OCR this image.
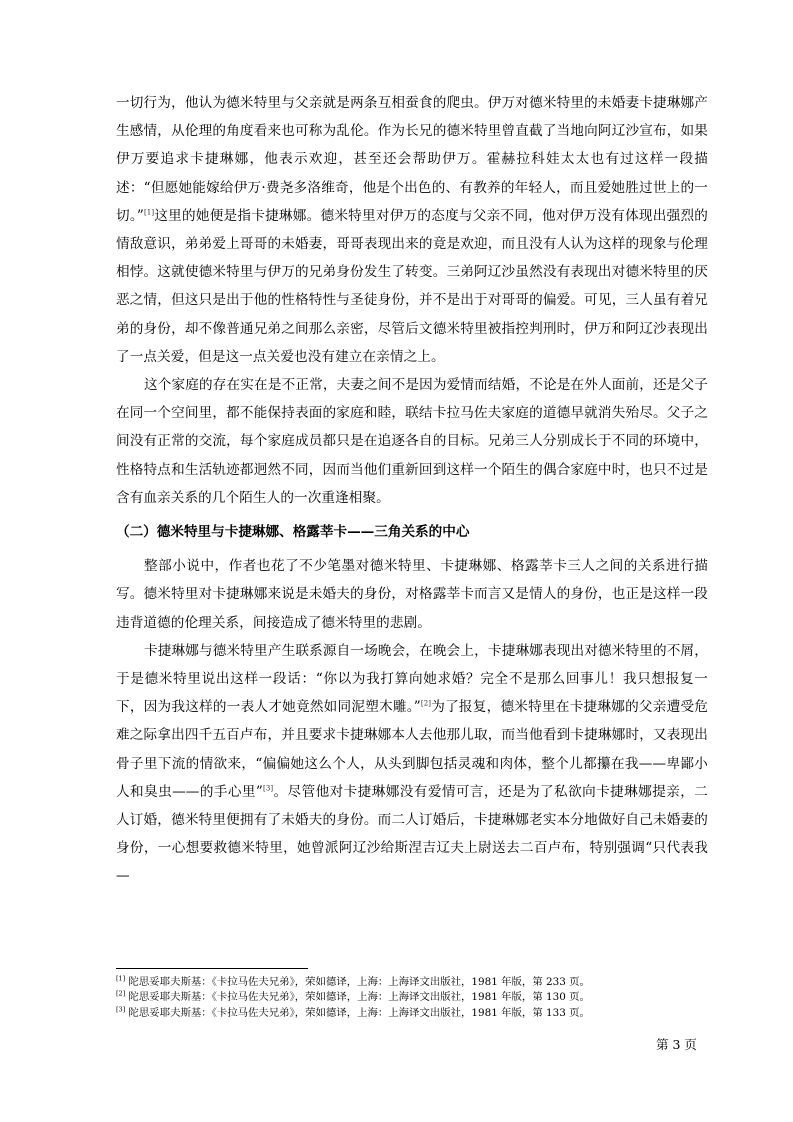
一切行为，他认为德米特里与父亲就是两条互相蚕食的爬虫。伊万对德米特里的未婚妻卡捷琳娜产生感情，从伦理的角度看来也可称为乱伦。作为长兄的德米特里曾直截了当地向阿辽沙宣布，如果伊万要追求卡捷琳娜，他表示欢迎，甚至还会帮助伊万。霍赫拉科娃太太也有过这样一段描述：“但愿她能嫁给伊万·费尧多洛维奇，他是个出色的、有教养的年轻人，而且爱她胜过世上的一切。”[1]这里的她便是指卡捷琳娜。德米特里对伊万的态度与父亲不同，他对伊万没有体现出强烈的情敌意识，弟弟爱上哥哥的未婚妻，哥哥表现出来的竟是欢迎，而且没有人认为这样的现象与伦理相悖。这就使德米特里与伊万的兄弟身份发生了转变。三弟阿辽沙虽然没有表现出对德米特里的厌恶之情，但这只是出于他的性格特性与圣徒身份，并不是出于对哥哥的偏爱。可见，三人虽有着兄弟的身份，却不像普通兄弟之间那么亲密，尽管后文德米特里被指控判刑时，伊万和阿辽沙表现出了一点关爱，但是这一点关爱也没有建立在亲情之上。

这个家庭的存在实在是不正常，夫妻之间不是因为爱情而结婚，不论是在外人面前，还是父子在同一个空间里，都不能保持表面的家庭和睦，联结卡拉马佐夫家庭的道德早就消失殆尽。父子之间没有正常的交流，每个家庭成员都只是在追逐各自的目标。兄弟三人分别成长于不同的环境中，性格特点和生活轨迹都迥然不同，因而当他们重新回到这样一个陌生的偶合家庭中时，也只不过是含有血亲关系的几个陌生人的一次重逢相聚。

（二）德米特里与卡捷琳娜、格露莘卡——三角关系的中心

整部小说中，作者也花了不少笔墨对德米特里、卡捷琳娜、格露莘卡三人之间的关系进行描写。德米特里对卡捷琳娜来说是未婚夫的身份，对格露莘卡而言又是情人的身份，也正是这样一段违背道德的伦理关系，间接造成了德米特里的悲剧。

卡捷琳娜与德米特里产生联系源自一场晚会，在晚会上，卡捷琳娜表现出对德米特里的不屑，于是德米特里说出这样一段话：“你以为我打算向她求婚？完全不是那么回事儿！我只想报复一下，因为我这样的一表人才她竟然如同泥塑木雕。”[2]为了报复，德米特里在卡捷琳娜的父亲遭受危难之际拿出四千五百卢布，并且要求卡捷琳娜本人去他那儿取，而当他看到卡捷琳娜时，又表现出骨子里下流的情欲来，“偏偏她这么个人，从头到脚包括灵魂和肉体，整个儿都攥在我——卑鄙小人和臭虫——的手心里”[3]。尽管他对卡捷琳娜没有爱情可言，还是为了私欲向卡捷琳娜提亲，二人订婚，德米特里便拥有了未婚夫的身份。而二人订婚后，卡捷琳娜老实本分地做好自己未婚妻的身份，一心想要救德米特里，她曾派阿辽沙给斯涅吉辽夫上尉送去二百卢布，特别强调“只代表我—

[1] 陀思妥耶夫斯基：《卡拉马佐夫兄弟》，荣如德译，上海：上海译文出版社，1981 年版，第 233 页。

[2] 陀思妥耶夫斯基：《卡拉马佐夫兄弟》，荣如德译，上海：上海译文出版社，1981 年版，第 130 页。

[3] 陀思妥耶夫斯基：《卡拉马佐夫兄弟》，荣如德译，上海：上海译文出版社，1981 年版，第 133 页。

第 3 页
